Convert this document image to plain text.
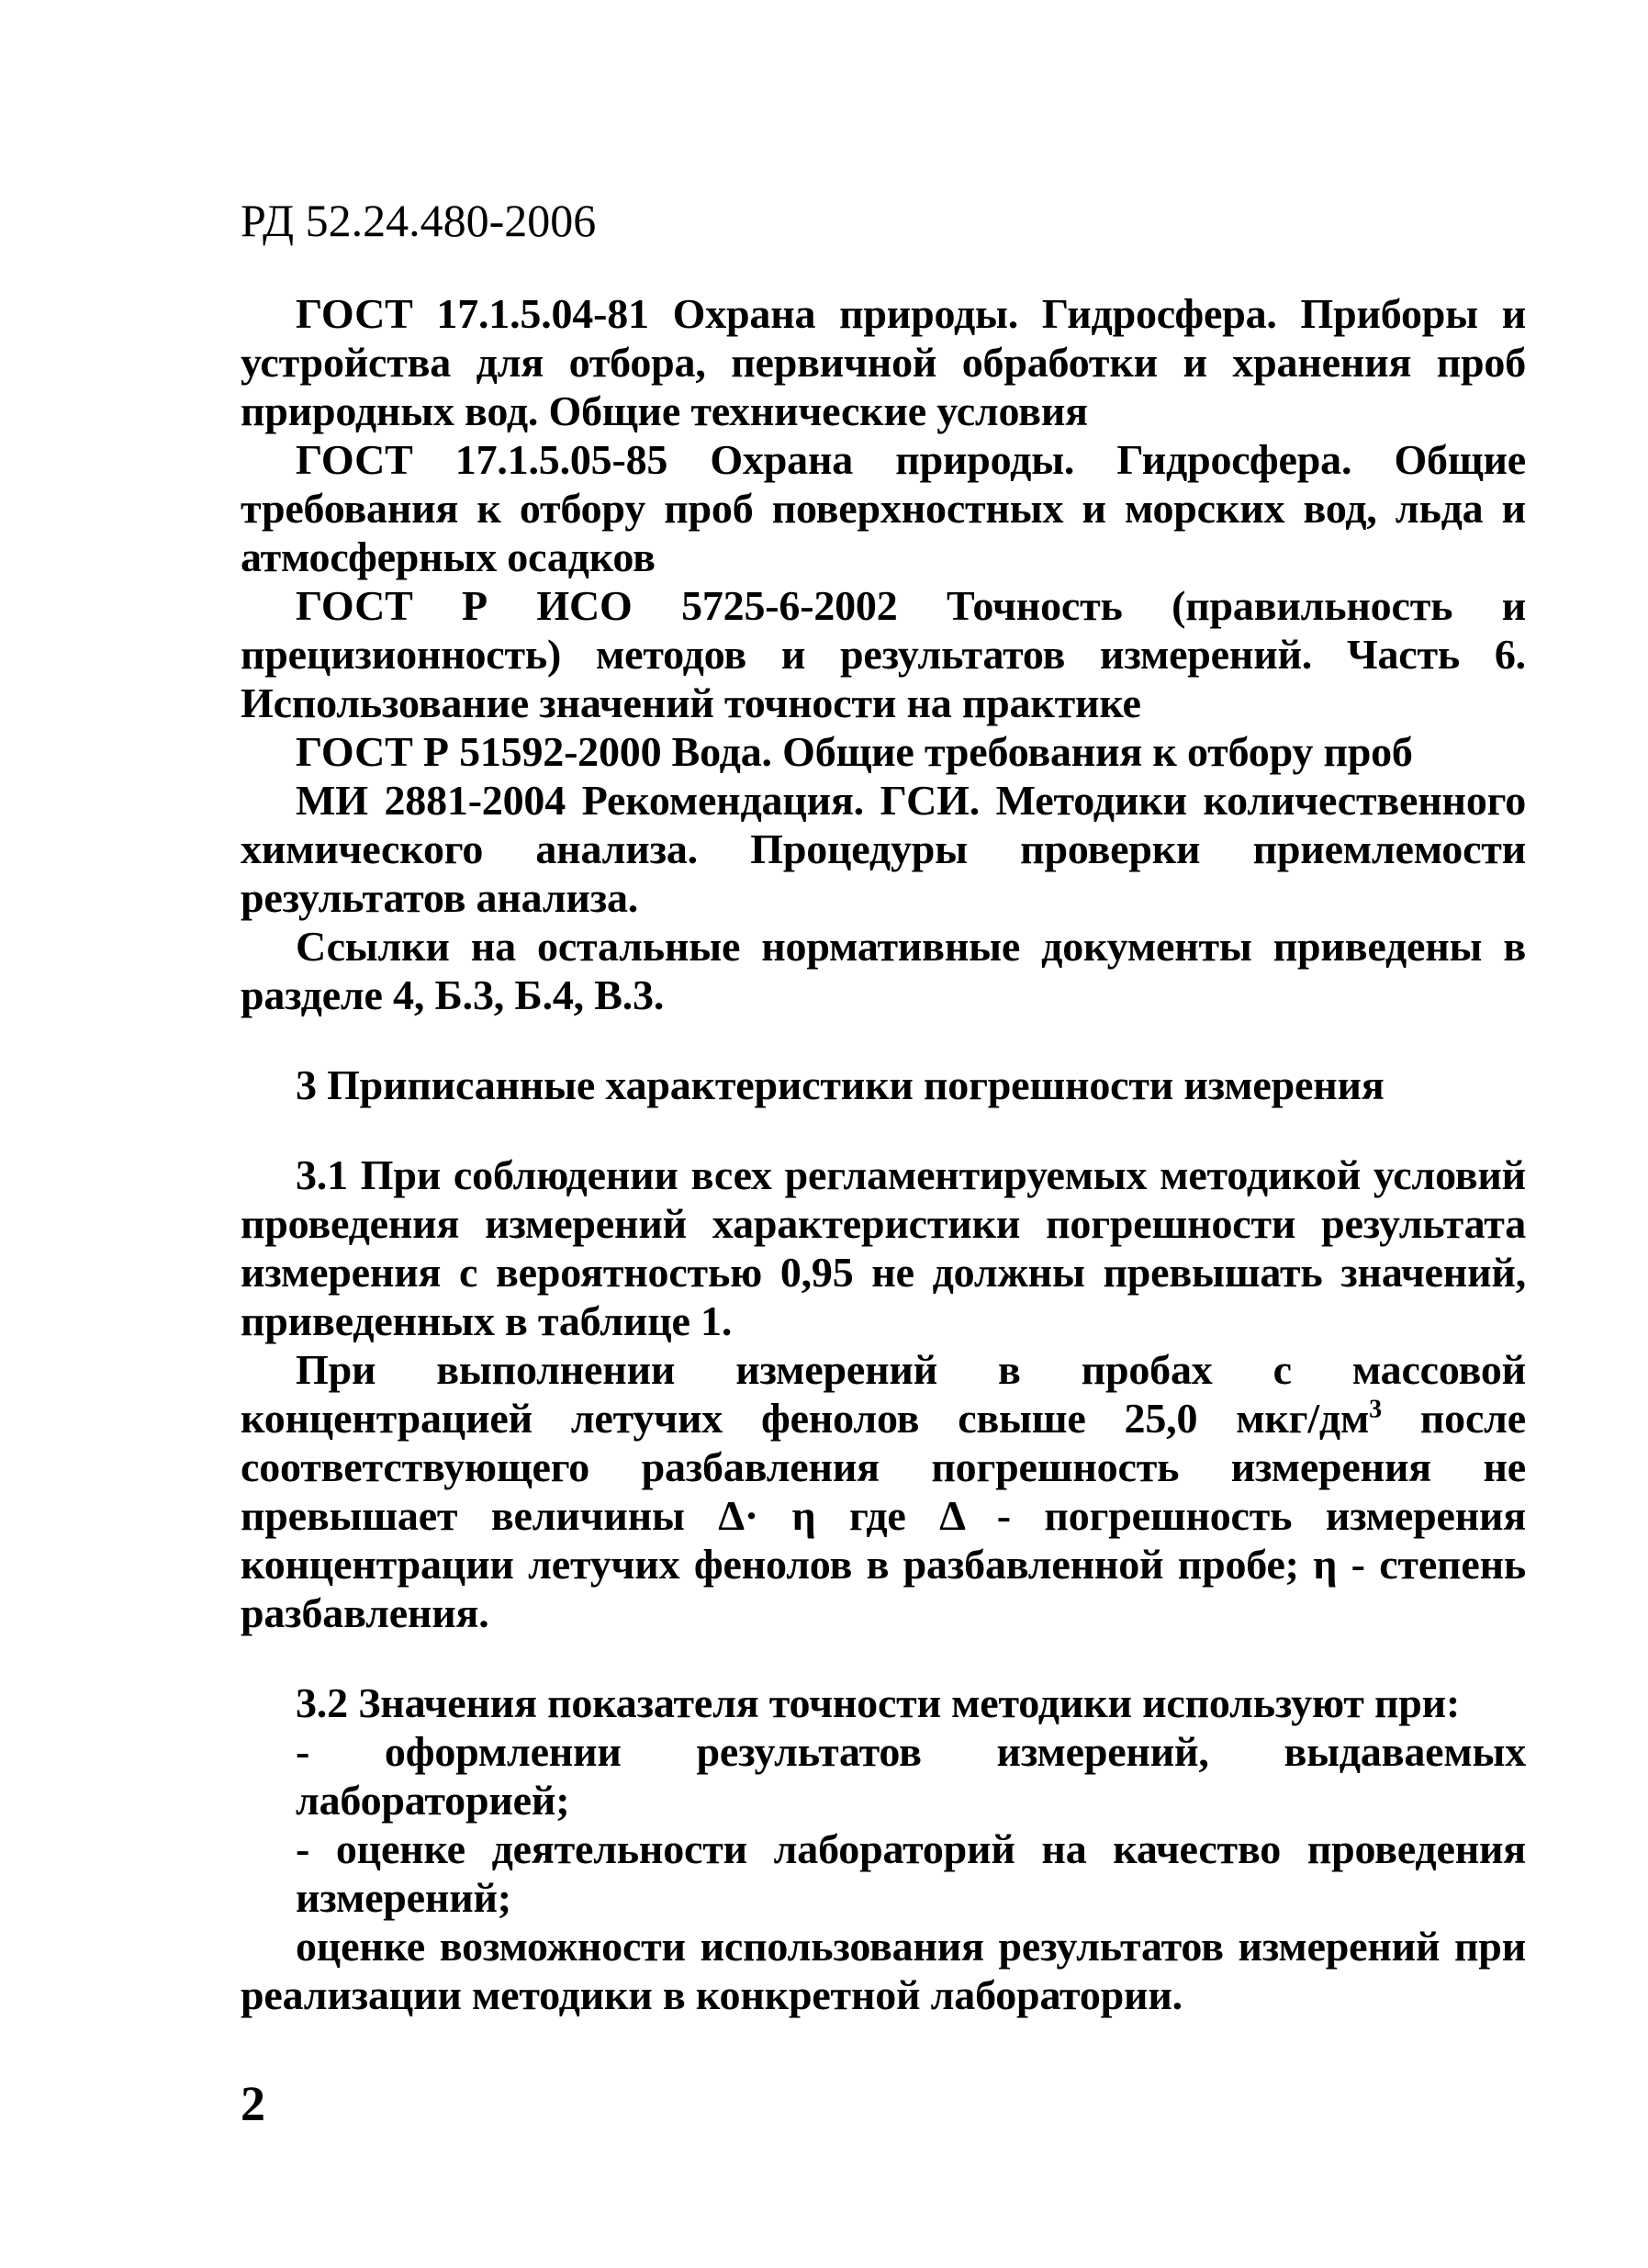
РД 52.24.480-2006

ГОСТ 17.1.5.04-81 Охрана природы. Гидросфера. Приборы и устройства для отбора, первичной обработки и хранения проб природных вод. Общие технические условия

ГОСТ 17.1.5.05-85 Охрана природы. Гидросфера. Общие требования к отбору проб поверхностных и морских вод, льда и атмосферных осадков

ГОСТ Р ИСО 5725-6-2002 Точность (правильность и прецизионность) методов и результатов измерений. Часть 6. Использование значений точности на практике

ГОСТ Р 51592-2000 Вода. Общие требования к отбору проб

МИ 2881-2004 Рекомендация. ГСИ. Методики количественного химического анализа. Процедуры проверки приемлемости результатов анализа.

Ссылки на остальные нормативные документы приведены в разделе 4, Б.3, Б.4, В.3.

3 Приписанные характеристики погрешности измерения

3.1 При соблюдении всех регламентируемых методикой условий проведения измерений характеристики погрешности результата измерения с вероятностью 0,95 не должны превышать значений, приведенных в таблице 1.

При выполнении измерений в пробах с массовой концентрацией летучих фенолов свыше 25,0 мкг/$дм^3$ после соответствующего разбавления погрешность измерения не превышает величины Δ· η где Δ - погрешность измерения концентрации летучих фенолов в разбавленной пробе; η - степень разбавления.

3.2 Значения показателя точности методики используют при:

- оформлении результатов измерений, выдаваемых лабораторией;

- оценке деятельности лабораторий на качество проведения измерений;

оценке возможности использования результатов измерений при реализации методики в конкретной лаборатории.

2
